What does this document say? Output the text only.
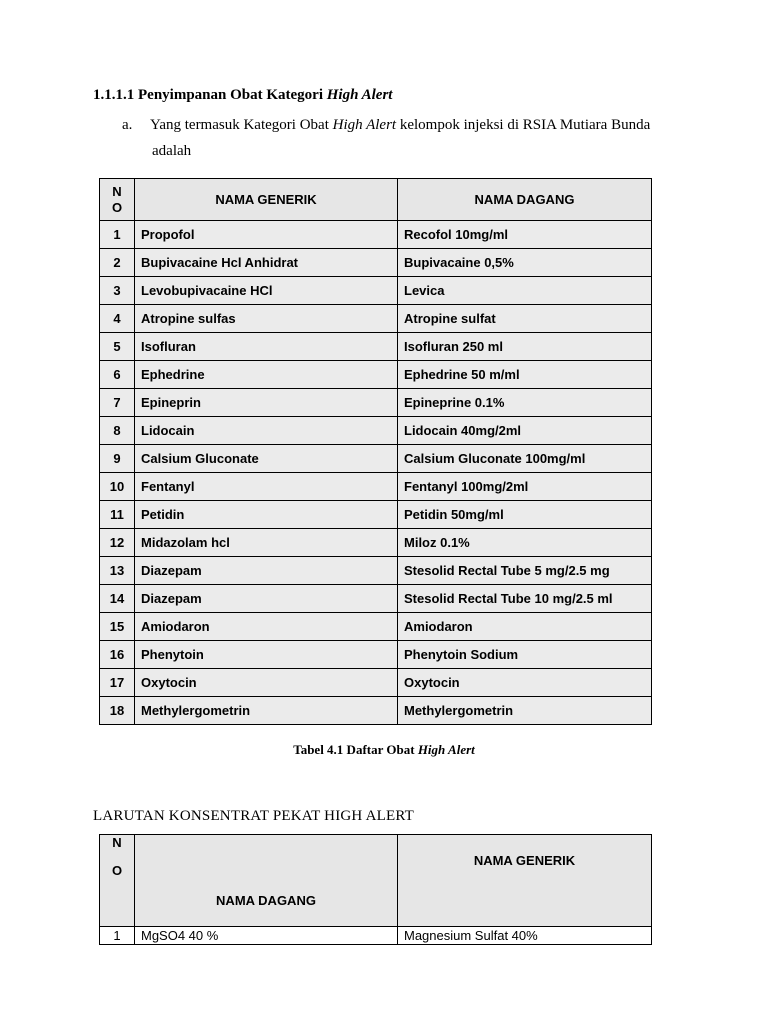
1.1.1.1 Penyimpanan Obat Kategori High Alert
a. Yang termasuk Kategori Obat High Alert kelompok injeksi di RSIA Mutiara Bunda
adalah
N
O	NAMA GENERIK	NAMA DAGANG
1	Propofol	Recofol 10mg/ml
2	Bupivacaine Hcl Anhidrat	Bupivacaine 0,5%
3	Levobupivacaine HCl	Levica
4	Atropine sulfas	Atropine sulfat
5	Isofluran	Isofluran 250 ml
6	Ephedrine	Ephedrine 50 m/ml
7	Epineprin	Epineprine 0.1%
8	Lidocain	Lidocain 40mg/2ml
9	Calsium Gluconate	Calsium Gluconate 100mg/ml
10	Fentanyl	Fentanyl 100mg/2ml
11	Petidin	Petidin 50mg/ml
12	Midazolam hcl	Miloz 0.1%
13	Diazepam	Stesolid Rectal Tube 5 mg/2.5 mg
14	Diazepam	Stesolid Rectal Tube 10 mg/2.5 ml
15	Amiodaron	Amiodaron
16	Phenytoin	Phenytoin Sodium
17	Oxytocin	Oxytocin
18	Methylergometrin	Methylergometrin
Tabel 4.1 Daftar Obat High Alert
LARUTAN KONSENTRAT PEKAT HIGH ALERT
N
O	NAMA DAGANG	NAMA GENERIK
1	MgSO4 40 %	Magnesium Sulfat 40%
